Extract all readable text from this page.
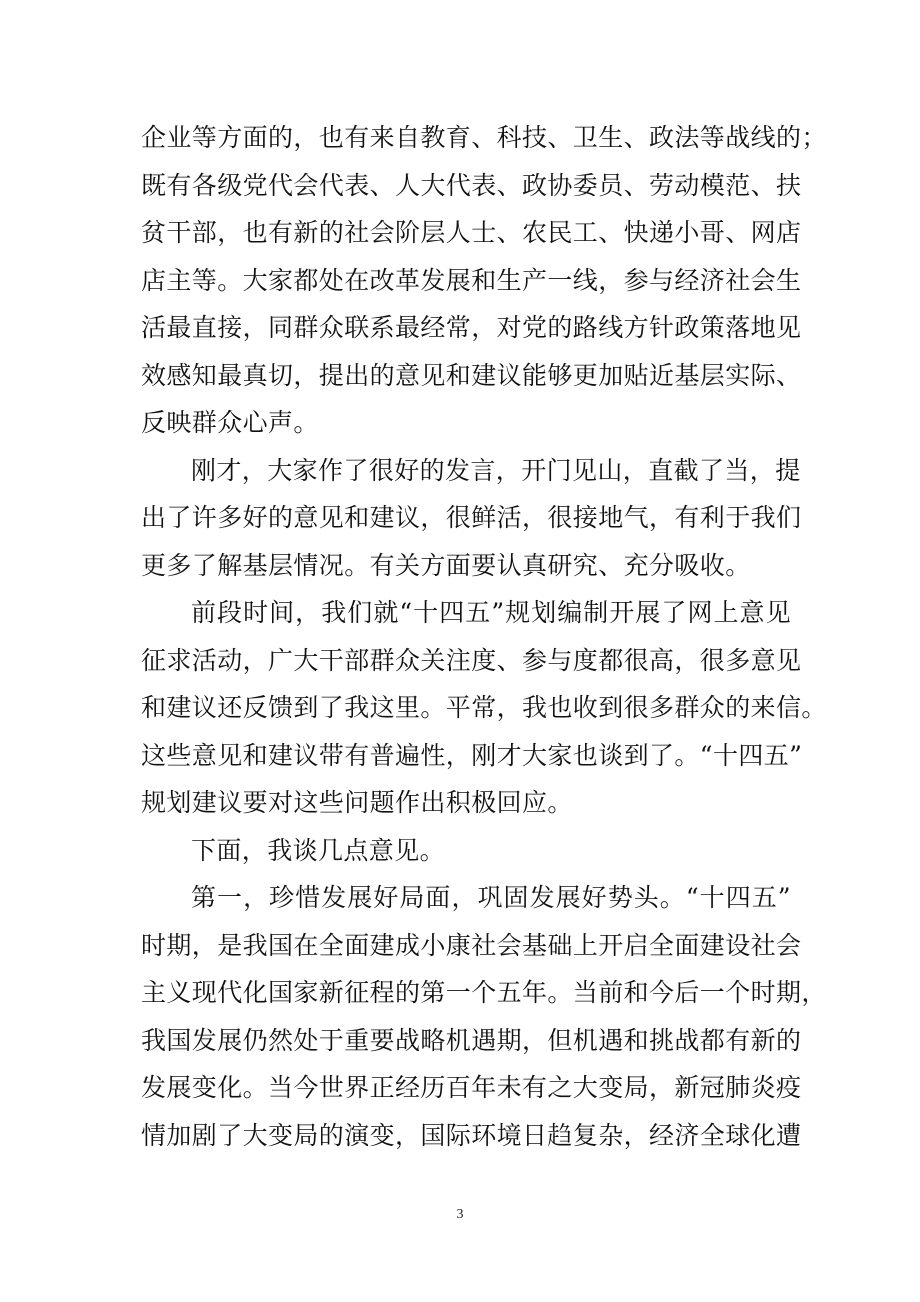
企业等方面的，也有来自教育、科技、卫生、政法等战线的；
既有各级党代会代表、人大代表、政协委员、劳动模范、扶
贫干部，也有新的社会阶层人士、农民工、快递小哥、网店
店主等。大家都处在改革发展和生产一线，参与经济社会生
活最直接，同群众联系最经常，对党的路线方针政策落地见
效感知最真切，提出的意见和建议能够更加贴近基层实际、
反映群众心声。
刚才，大家作了很好的发言，开门见山，直截了当，提
出了许多好的意见和建议，很鲜活，很接地气，有利于我们
更多了解基层情况。有关方面要认真研究、充分吸收。
前段时间，我们就“十四五”规划编制开展了网上意见
征求活动，广大干部群众关注度、参与度都很高，很多意见
和建议还反馈到了我这里。平常，我也收到很多群众的来信。
这些意见和建议带有普遍性，刚才大家也谈到了。“十四五”
规划建议要对这些问题作出积极回应。
下面，我谈几点意见。
第一，珍惜发展好局面，巩固发展好势头。“十四五”
时期，是我国在全面建成小康社会基础上开启全面建设社会
主义现代化国家新征程的第一个五年。当前和今后一个时期，
我国发展仍然处于重要战略机遇期，但机遇和挑战都有新的
发展变化。当今世界正经历百年未有之大变局，新冠肺炎疫
情加剧了大变局的演变，国际环境日趋复杂，经济全球化遭
3
